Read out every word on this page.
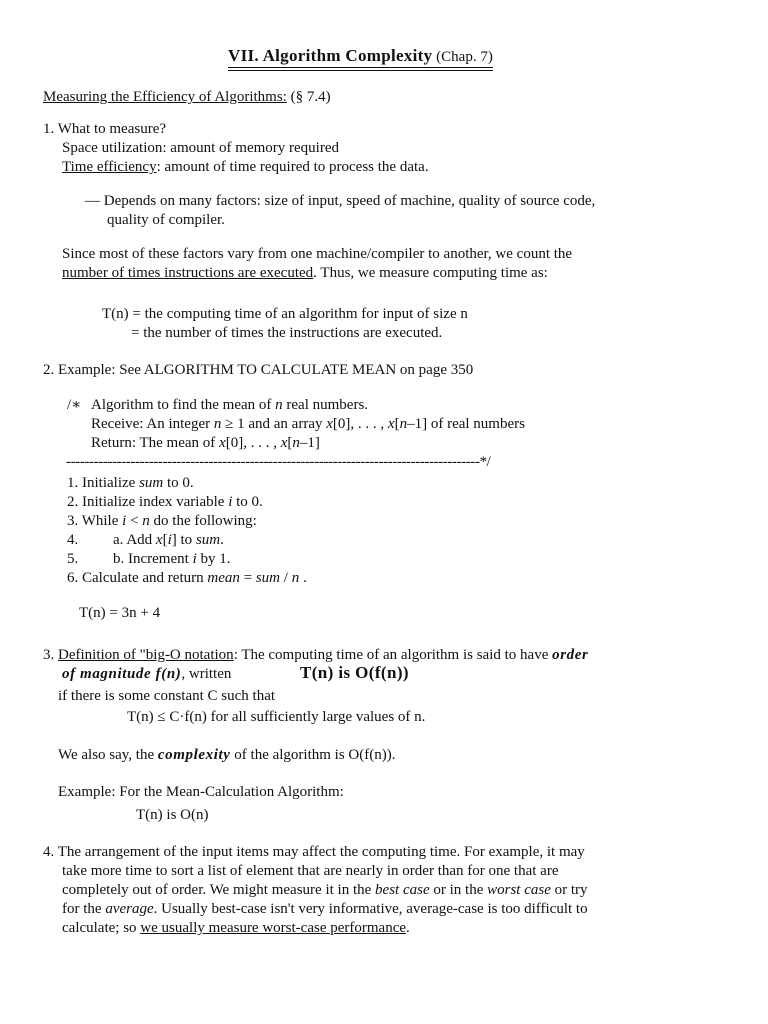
VII. Algorithm Complexity (Chap. 7)
Measuring the Efficiency of Algorithms: (§ 7.4)
1. What to measure?
Space utilization: amount of memory required
Time efficiency: amount of time required to process the data.
— Depends on many factors: size of input, speed of machine, quality of source code,
quality of compiler.
Since most of these factors vary from one machine/compiler to another, we count the
number of times instructions are executed. Thus, we measure computing time as:
T(n) = the computing time of an algorithm for input of size n
= the number of times the instructions are executed.
2. Example: See ALGORITHM TO CALCULATE MEAN on page 350
/∗ Algorithm to find the mean of n real numbers.
Receive: An integer n ≥ 1 and an array x[0], . . . , x[n–1] of real numbers
Return: The mean of x[0], . . . , x[n–1]
------------------------------------------------------------------------------------------*/
1. Initialize sum to 0.
2. Initialize index variable i to 0.
3. While i < n do the following:
4. a. Add x[i] to sum.
5. b. Increment i by 1.
6. Calculate and return mean = sum / n .
T(n) = 3n + 4
3. Definition of "big-O notation: The computing time of an algorithm is said to have order
of magnitude f(n), written	T(n) is O(f(n))
if there is some constant C such that
T(n) ≤ C·f(n) for all sufficiently large values of n.
We also say, the complexity of the algorithm is O(f(n)).
Example: For the Mean-Calculation Algorithm:
T(n) is O(n)
4. The arrangement of the input items may affect the computing time. For example, it may
take more time to sort a list of element that are nearly in order than for one that are
completely out of order. We might measure it in the best case or in the worst case or try
for the average. Usually best-case isn't very informative, average-case is too difficult to
calculate; so we usually measure worst-case performance.
